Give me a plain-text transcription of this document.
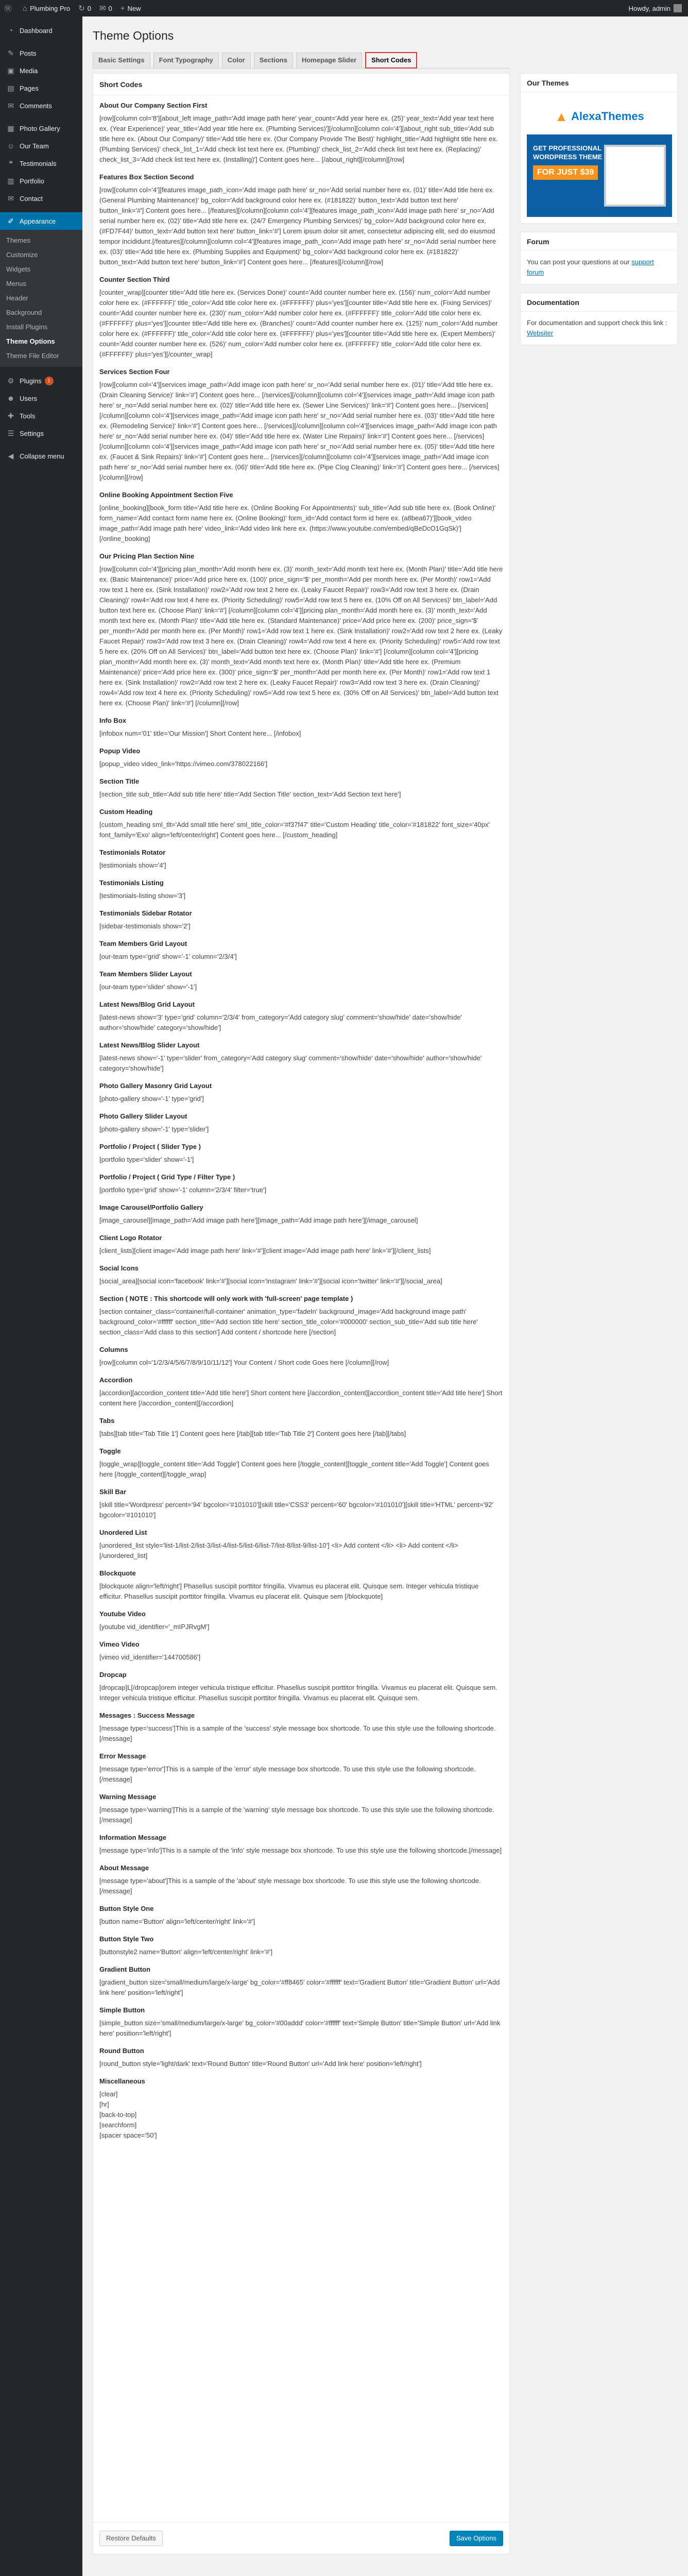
Ⓦ ⌂ Plumbing Pro ↻ 0 ✉ 0 + New	Howdy, admin
◔ Dashboard
✎ Posts
▣ Media
▤ Pages
✉ Comments
▦ Photo Gallery
☺ Our Team
❝	Testimonials
▥ Portfolio
✉ Contact
✐ Appearance
Themes
Customize
Widgets
Menus
Header
Background
Install Plugins
Theme Options
Theme File Editor
⚙ Plugins	1
☻ Users
✚ Tools
☰ Settings
◀ Collapse menu
Theme Options
Basic Settings	Font Typography	Color	Sections	Homepage Slider	Short Codes
Short Codes
About Our Company Section First

[row][column col='8'][about_left image_path='Add image path here' year_count='Add year here ex. (25)' year_text='Add year text here ex. (Year Experience)' year_title='Add year title here ex. (Plumbing Services)'][/column][column col='4'][about_right sub_title='Add sub title here ex. (About Our Company)' title='Add title here ex. (Our Company Provide The Best)' highlight_title='Add highlight title here ex. (Plumbing Services)' check_list_1='Add check list text here ex. (Plumbing)' check_list_2='Add check list text here ex. (Replacing)' check_list_3='Add check list text here ex. (Installing)'] Content goes here... [/about_right][/column][/row]

Features Box Section Second

[row][column col='4'][features image_path_icon='Add image path here' sr_no='Add serial number here ex. (01)' title='Add title here ex. (General Plumbing Maintenance)' bg_color='Add background color here ex. (#181822)' button_text='Add button text here' button_link='#'] Content goes here... [/features][/column][column col='4'][features image_path_icon='Add image path here' sr_no='Add serial number here ex. (02)' title='Add title here ex. (24/7 Emergency Plumbing Services)' bg_color='Add background color here ex. (#FD7F44)' button_text='Add button text here' button_link='#'] Lorem ipsum dolor sit amet, consectetur adipiscing elit, sed do eiusmod tempor incididunt.[/features][/column][column col='4'][features image_path_icon='Add image path here' sr_no='Add serial number here ex. (03)' title='Add title here ex. (Plumbing Supplies and Equipment)' bg_color='Add background color here ex. (#181822)' button_text='Add button text here' button_link='#'] Content goes here... [/features][/column][/row]

Counter Section Third

[counter_wrap][counter title='Add title here ex. (Services Done)' count='Add counter number here ex. (156)' num_color='Add number color here ex. (#FFFFFF)' title_color='Add title color here ex. (#FFFFFF)' plus='yes'][counter title='Add title here ex. (Fixing Services)' count='Add counter number here ex. (230)' num_color='Add number color here ex. (#FFFFFF)' title_color='Add title color here ex. (#FFFFFF)' plus='yes'][counter title='Add title here ex. (Branches)' count='Add counter number here ex. (125)' num_color='Add number color here ex. (#FFFFFF)' title_color='Add title color here ex. (#FFFFFF)' plus='yes'][counter title='Add title here ex. (Expert Members)' count='Add counter number here ex. (526)' num_color='Add number color here ex. (#FFFFFF)' title_color='Add title color here ex. (#FFFFFF)' plus='yes'][/counter_wrap]

Services Section Four

[row][column col='4'][services image_path='Add image icon path here' sr_no='Add serial number here ex. (01)' title='Add title here ex. (Drain Cleaning Service)' link='#'] Content goes here... [/services][/column][column col='4'][services image_path='Add image icon path here' sr_no='Add serial number here ex. (02)' title='Add title here ex. (Sewer Line Services)' link='#'] Content goes here... [/services][/column][column col='4'][services image_path='Add image icon path here' sr_no='Add serial number here ex. (03)' title='Add title here ex. (Remodeling Service)' link='#'] Content goes here... [/services][/column][column col='4'][services image_path='Add image icon path here' sr_no='Add serial number here ex. (04)' title='Add title here ex. (Water Line Repairs)' link='#'] Content goes here... [/services][/column][column col='4'][services image_path='Add image icon path here' sr_no='Add serial number here ex. (05)' title='Add title here ex. (Faucet & Sink Repairs)' link='#'] Content goes here... [/services][/column][column col='4'][services image_path='Add image icon path here' sr_no='Add serial number here ex. (06)' title='Add title here ex. (Pipe Clog Cleaning)' link='#'] Content goes here... [/services][/column][/row]

Online Booking Appointment Section Five

[online_booking][book_form title='Add title here ex. (Online Booking For Appointments)' sub_title='Add sub title here ex. (Book Online)' form_name='Add contact form name here ex. (Online Booking)' form_id='Add contact form id here ex. (a8bea67)'][book_video image_path='Add image path here' video_link='Add video link here ex. (https://www.youtube.com/embed/qBeDcO1GqSk)'][/online_booking]

Our Pricing Plan Section Nine

[row][column col='4'][pricing plan_month='Add month here ex. (3)' month_text='Add month text here ex. (Month Plan)' title='Add title here ex. (Basic Maintenance)' price='Add price here ex. (100)' price_sign='$' per_month='Add per month here ex. (Per Month)' row1='Add row text 1 here ex. (Sink Installation)' row2='Add row text 2 here ex. (Leaky Faucet Repair)' row3='Add row text 3 here ex. (Drain Cleaning)' row4='Add row text 4 here ex. (Priority Scheduling)' row5='Add row text 5 here ex. (10% Off on All Services)' btn_label='Add button text here ex. (Choose Plan)' link='#'] [/column][column col='4'][pricing plan_month='Add month here ex. (3)' month_text='Add month text here ex. (Month Plan)' title='Add title here ex. (Standard Maintenance)' price='Add price here ex. (200)' price_sign='$' per_month='Add per month here ex. (Per Month)' row1='Add row text 1 here ex. (Sink Installation)' row2='Add row text 2 here ex. (Leaky Faucet Repair)' row3='Add row text 3 here ex. (Drain Cleaning)' row4='Add row text 4 here ex. (Priority Scheduling)' row5='Add row text 5 here ex. (20% Off on All Services)' btn_label='Add button text here ex. (Choose Plan)' link='#'] [/column][column col='4'][pricing plan_month='Add month here ex. (3)' month_text='Add month text here ex. (Month Plan)' title='Add title here ex. (Premium Maintenance)' price='Add price here ex. (300)' price_sign='$' per_month='Add per month here ex. (Per Month)' row1='Add row text 1 here ex. (Sink Installation)' row2='Add row text 2 here ex. (Leaky Faucet Repair)' row3='Add row text 3 here ex. (Drain Cleaning)' row4='Add row text 4 here ex. (Priority Scheduling)' row5='Add row text 5 here ex. (30% Off on All Services)' btn_label='Add button text here ex. (Choose Plan)' link='#'] [/column][/row]

Info Box

[infobox num='01' title='Our Mission'] Short Content here... [/infobox]

Popup Video

[popup_video video_link='https://vimeo.com/378022166']

Section Title

[section_title sub_title='Add sub title here' title='Add Section Title' section_text='Add Section text here']

Custom Heading

[custom_heading sml_tlt='Add small title here' sml_title_color='#f37f47' title='Custom Heading' title_color='#181822' font_size='40px' font_family='Exo' align='left/center/right'] Content goes here... [/custom_heading]

Testimonials Rotator

[testimonials show='4']

Testimonials Listing

[testimonials-listing show='3']

Testimonials Sidebar Rotator

[sidebar-testimonials show='2']

Team Members Grid Layout

[our-team type='grid' show='-1' column='2/3/4']

Team Members Slider Layout

[our-team type='slider' show='-1']

Latest News/Blog Grid Layout

[latest-news show='3' type='grid' column='2/3/4' from_category='Add category slug' comment='show/hide' date='show/hide' author='show/hide' category='show/hide']

Latest News/Blog Slider Layout

[latest-news show='-1' type='slider' from_category='Add category slug' comment='show/hide' date='show/hide' author='show/hide' category='show/hide']

Photo Gallery Masonry Grid Layout

[photo-gallery show='-1' type='grid']

Photo Gallery Slider Layout

[photo-gallery show='-1' type='slider']

Portfolio / Project ( Slider Type )

[portfolio type='slider' show='-1']

Portfolio / Project ( Grid Type / Filter Type )

[portfolio type='grid' show='-1' column='2/3/4' filter='true']

Image Carousel/Portfolio Gallery

[image_carousel][image_path='Add image path here'][image_path='Add image path here'][/image_carousel]

Client Logo Rotator

[client_lists][client image='Add image path here' link='#'][client image='Add image path here' link='#'][/client_lists]

Social Icons

[social_area][social icon='facebook' link='#'][social icon='instagram' link='#'][social icon='twitter' link='#'][/social_area]

Section ( NOTE : This shortcode will only work with 'full-screen' page template )

[section container_class='container/full-container' animation_type='fadeIn' background_image='Add background image path' background_color='#ffffff' section_title='Add section title here' section_title_color='#000000' section_sub_title='Add sub title here' section_class='Add class to this section'] Add content / shortcode here [/section]

Columns

[row][column col='1/2/3/4/5/6/7/8/9/10/11/12'] Your Content / Short code Goes here [/column][/row]

Accordion

[accordion][accordion_content title='Add title here'] Short content here [/accordion_content][accordion_content title='Add title here'] Short content here [/accordion_content][/accordion]

Tabs

[tabs][tab title='Tab Title 1'] Content goes here [/tab][tab title='Tab Title 2'] Content goes here [/tab][/tabs]

Toggle

[toggle_wrap][toggle_content title='Add Toggle'] Content goes here [/toggle_content][toggle_content title='Add Toggle'] Content goes here [/toggle_content][/toggle_wrap]

Skill Bar

[skill title='Wordpress' percent='94' bgcolor='#101010'][skill title='CSS3' percent='60' bgcolor='#101010'][skill title='HTML' percent='92' bgcolor='#101010']

Unordered List

[unordered_list style='list-1/list-2/list-3/list-4/list-5/list-6/list-7/list-8/list-9/list-10'] <li> Add content </li> <li> Add content </li> [/unordered_list]

Blockquote

[blockquote align='left/right'] Phasellus suscipit porttitor fringilla. Vivamus eu placerat elit. Quisque sem. Integer vehicula tristique efficitur. Phasellus suscipit porttitor fringilla. Vivamus eu placerat elit. Quisque sem [/blockquote]

Youtube Video

[youtube vid_identifier='_mIPJRvgM']

Vimeo Video

[vimeo vid_identifier='144700586']

Dropcap

[dropcap]L[/dropcap]orem integer vehicula tristique efficitur. Phasellus suscipit porttitor fringilla. Vivamus eu placerat elit. Quisque sem. Integer vehicula tristique efficitur. Phasellus suscipit porttitor fringilla. Vivamus eu placerat elit. Quisque sem.

Messages : Success Message

[message type='success']This is a sample of the 'success' style message box shortcode. To use this style use the following shortcode.[/message]

Error Message

[message type='error']This is a sample of the 'error' style message box shortcode. To use this style use the following shortcode.[/message]

Warning Message

[message type='warning']This is a sample of the 'warning' style message box shortcode. To use this style use the following shortcode.[/message]

Information Message

[message type='info']This is a sample of the 'info' style message box shortcode. To use this style use the following shortcode.[/message]

About Message

[message type='about']This is a sample of the 'about' style message box shortcode. To use this style use the following shortcode.[/message]

Button Style One

[button name='Button' align='left/center/right' link='#']

Button Style Two

[buttonstyle2 name='Button' align='left/center/right' link='#']

Gradient Button

[gradient_button size='small/medium/large/x-large' bg_color='#ff8465' color='#ffffff' text='Gradient Button' title='Gradient Button' url='Add link here' position='left/right']

Simple Button

[simple_button size='small/medium/large/x-large' bg_color='#00addd' color='#ffffff' text='Simple Button' title='Simple Button' url='Add link here' position='left/right']

Round Button

[round_button style='light/dark' text='Round Button' title='Round Button' url='Add link here' position='left/right']

Miscellaneous

[clear]
[hr]
[back-to-top]
[searchform]
[spacer space='50']

Restore Defaults	Save Options
Our Themes
▲ AlexaThemes
GET PROFESSIONAL WORDPRESS THEME
FOR JUST $39
Forum
You can post your questions at our support forum
Documentation
For documentation and support check this link : Websiter
